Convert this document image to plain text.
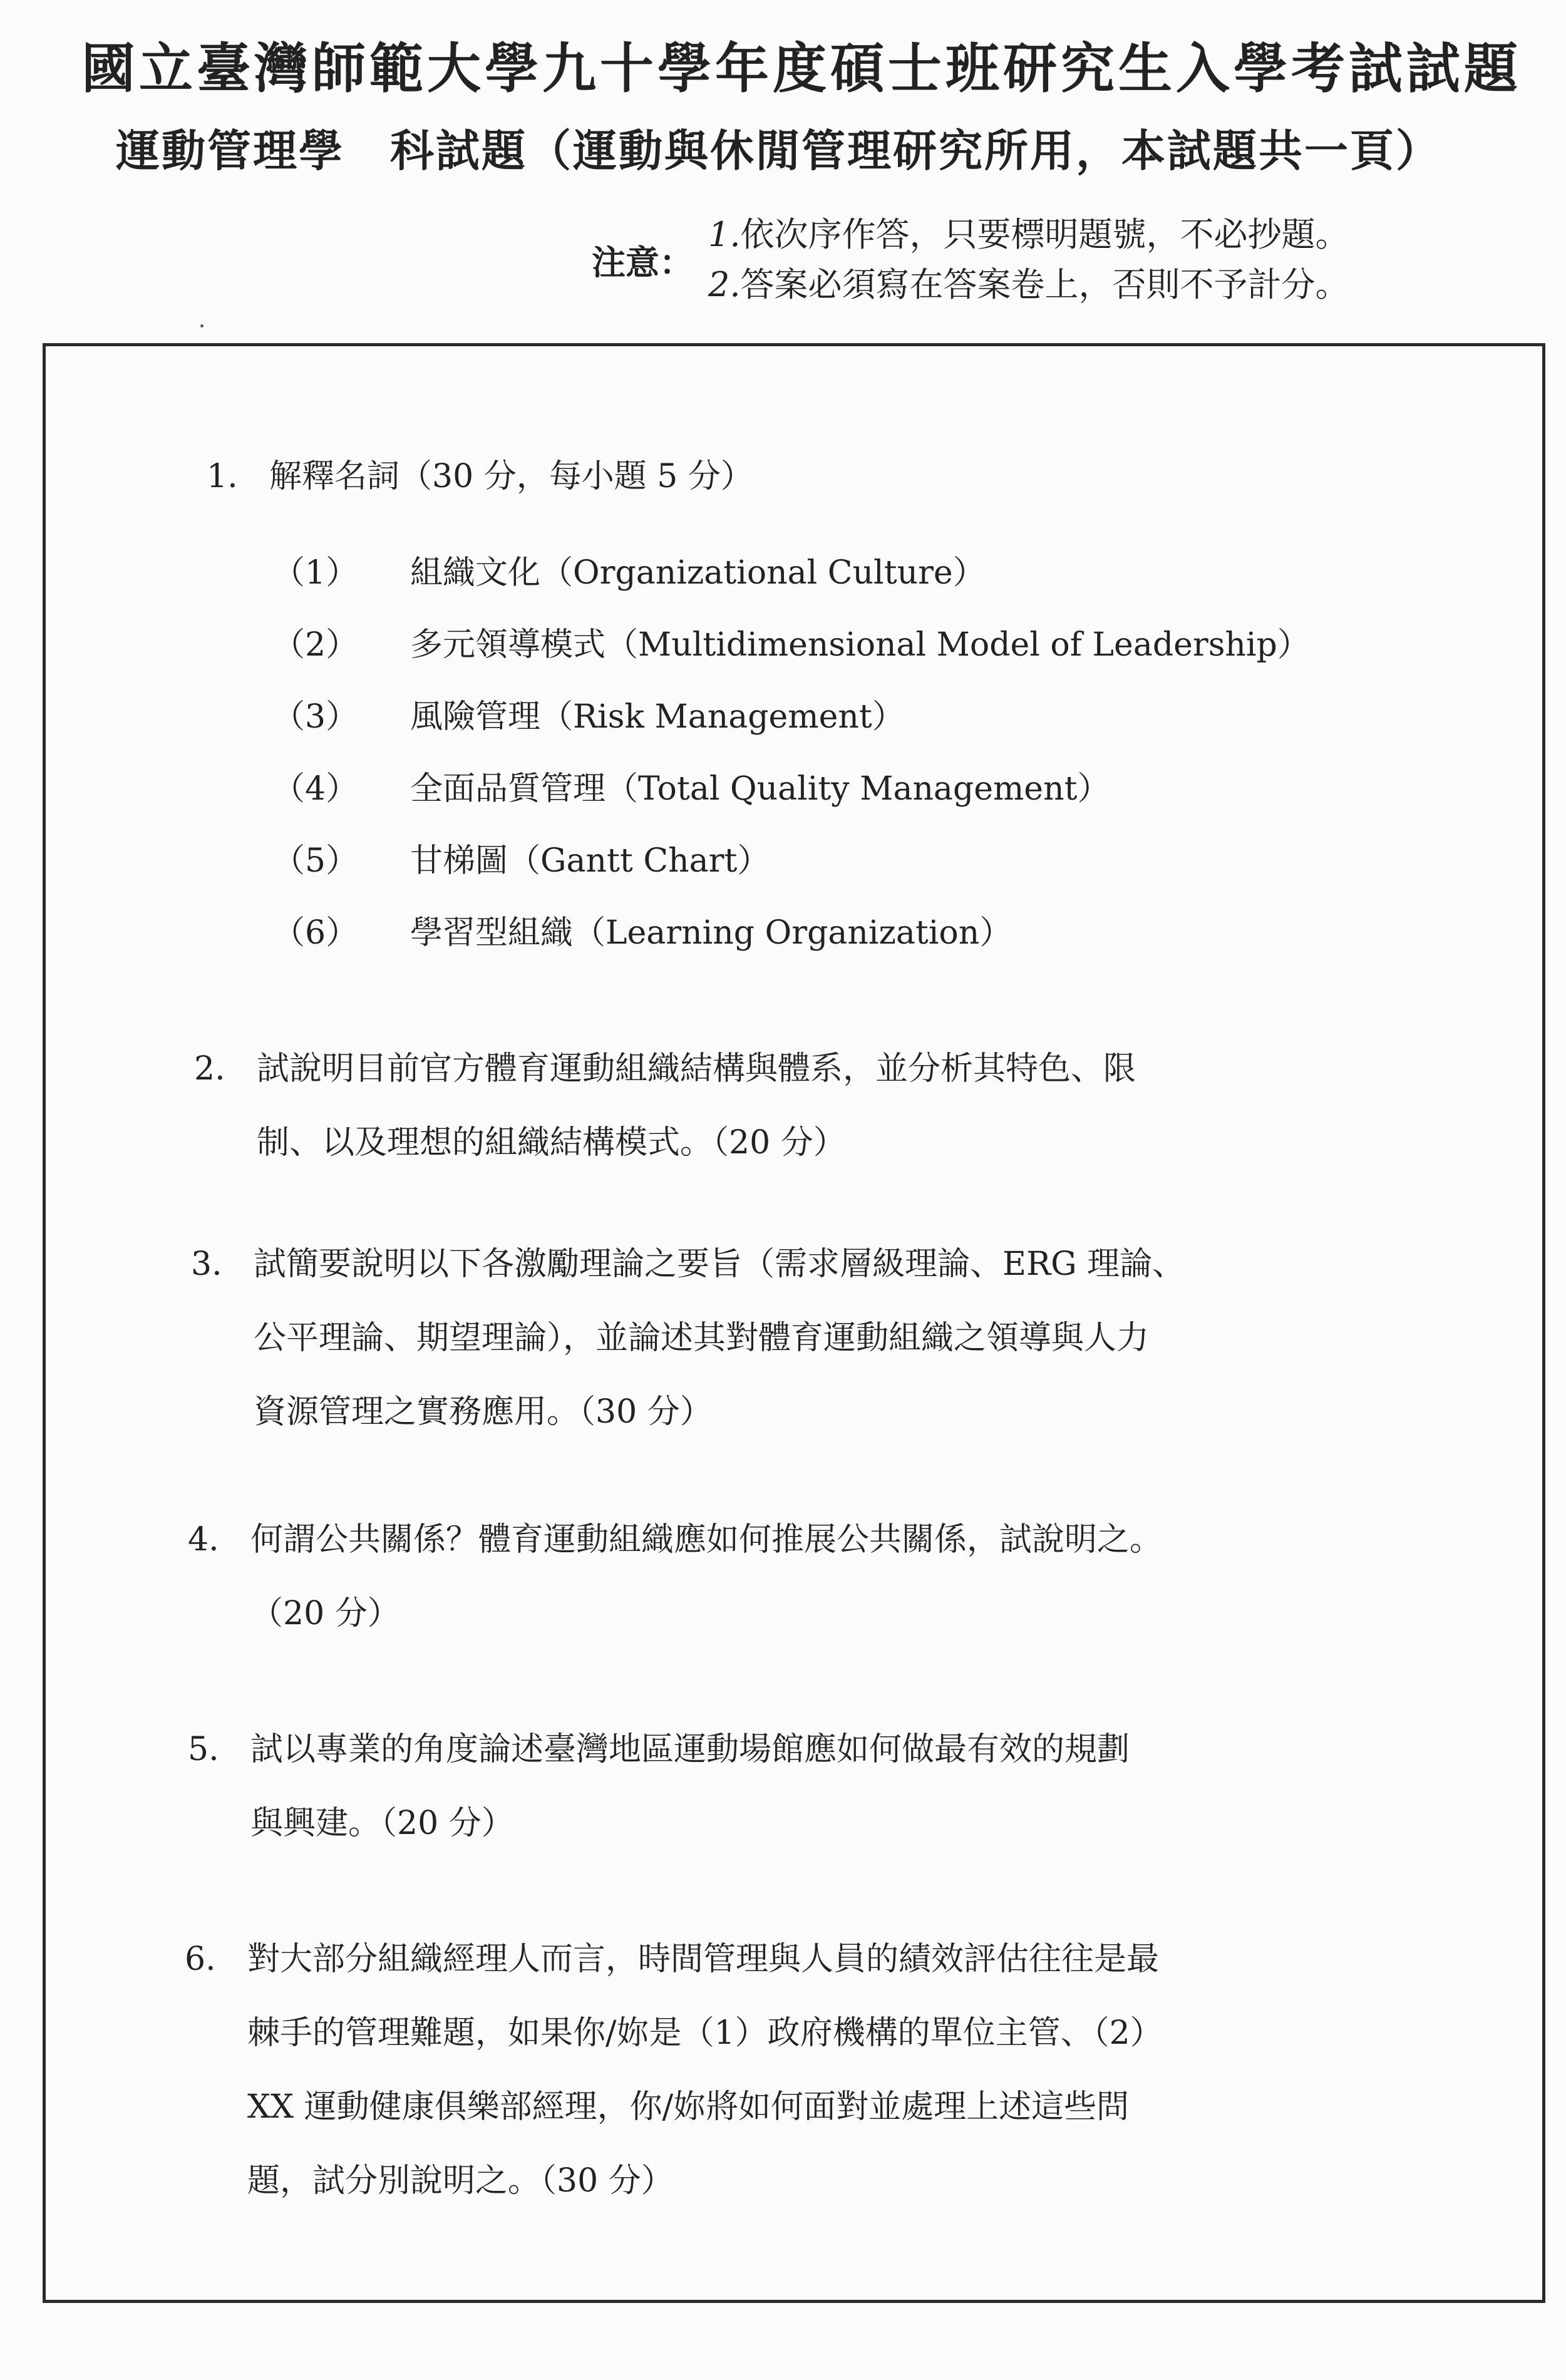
國立臺灣師範大學九十學年度碩士班研究生入學考試試題
運動管理學　科試題（運動與休閒管理研究所用，本試題共一頁）
注意：
1.依次序作答，只要標明題號，不必抄題。
2.答案必須寫在答案卷上，否則不予計分。
1. 解釋名詞（30 分，每小題 5 分）
（1） 組織文化（Organizational Culture）
（2） 多元領導模式（Multidimensional Model of Leadership）
（3） 風險管理（Risk Management）
（4） 全面品質管理（Total Quality Management）
（5） 甘梯圖（Gantt Chart）
（6） 學習型組織（Learning Organization）
2. 試說明目前官方體育運動組織結構與體系，並分析其特色、限
制、以及理想的組織結構模式。（20 分）
3. 試簡要說明以下各激勵理論之要旨（需求層級理論、ERG 理論、
公平理論、期望理論），並論述其對體育運動組織之領導與人力
資源管理之實務應用。（30 分）
4. 何謂公共關係？體育運動組織應如何推展公共關係，試說明之。
（20 分）
5. 試以專業的角度論述臺灣地區運動場館應如何做最有效的規劃
與興建。（20 分）
6. 對大部分組織經理人而言，時間管理與人員的績效評估往往是最
棘手的管理難題，如果你/妳是（1）政府機構的單位主管、（2）
XX 運動健康俱樂部經理，你/妳將如何面對並處理上述這些問
題，試分別說明之。（30 分）
